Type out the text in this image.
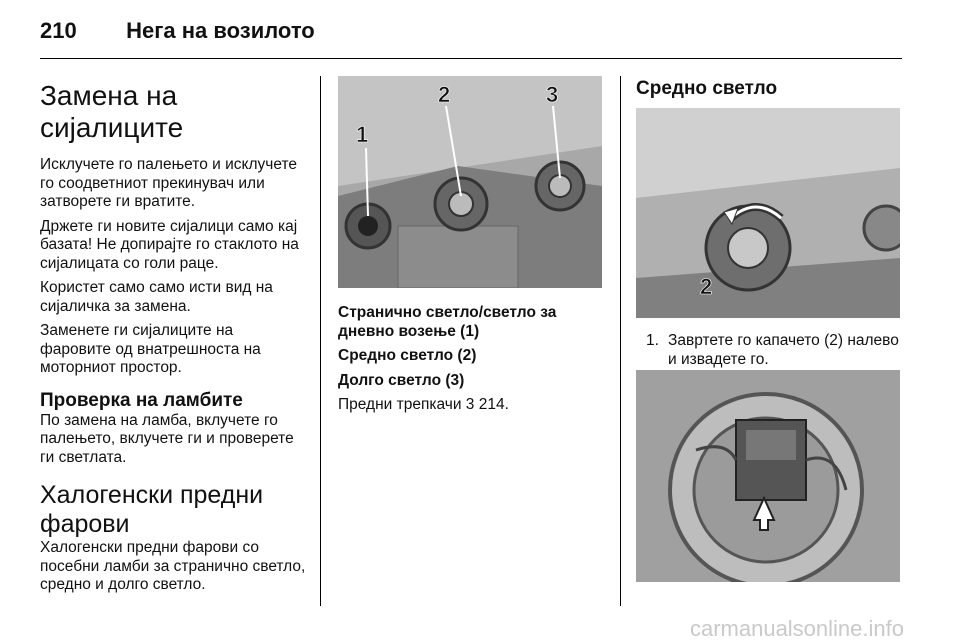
210 Нега на возилото
Замена на сијалиците

Исклучете го палењето и исклучете го соодветниот прекинувач или затворете ги вратите.

Држете ги новите сијалици само кај базата! Не допирајте го стаклото на сијалицата со голи раце.

Користет само само исти вид на сијаличка за замена.

Заменете ги сијалиците на фаровите од внатрешноста на моторниот простор.

Проверка на ламбите

По замена на ламба, вклучете го палењето, вклучете ги и проверете ги светлата.

Халогенски предни фарови

Халогенски предни фарови со посебни ламби за странично светло, средно и долго светло.

1
2	3

Странично светло/светло за дневно возење (1)

Средно светло (2)

Долго светло (3)

Предни трепкачи 3 214.

Средно светло
2
1. Завртете го капачето (2) налево и извадете го.
carmanualsonline.info
